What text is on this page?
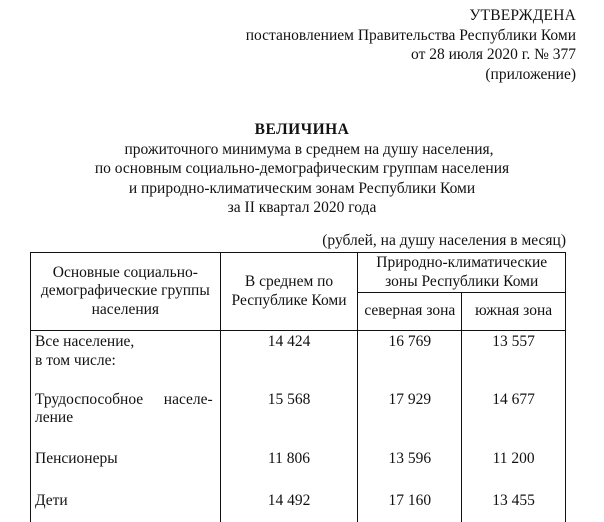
УТВЕРЖДЕНА
постановлением Правительства Республики Коми
от 28 июля 2020 г. № 377
(приложение)
ВЕЛИЧИНА
прожиточного минимума в среднем на душу населения,
по основным социально-демографическим группам населения
и природно-климатическим зонам Республики Коми
за II квартал 2020 года
(рублей, на душу населения в месяц)
Основные социально-демографические группы населения	В среднем по Республике Коми	Природно-климатические зоны Республики Коми	
		северная зона	южная зона

Все население,
в том числе:	14 424	16 769	13 557

Трудоспособное населе-
ление	15 568	17 929	14 677
Пенсионеры	11 806	13 596	11 200
Дети	14 492	17 160	13 455
